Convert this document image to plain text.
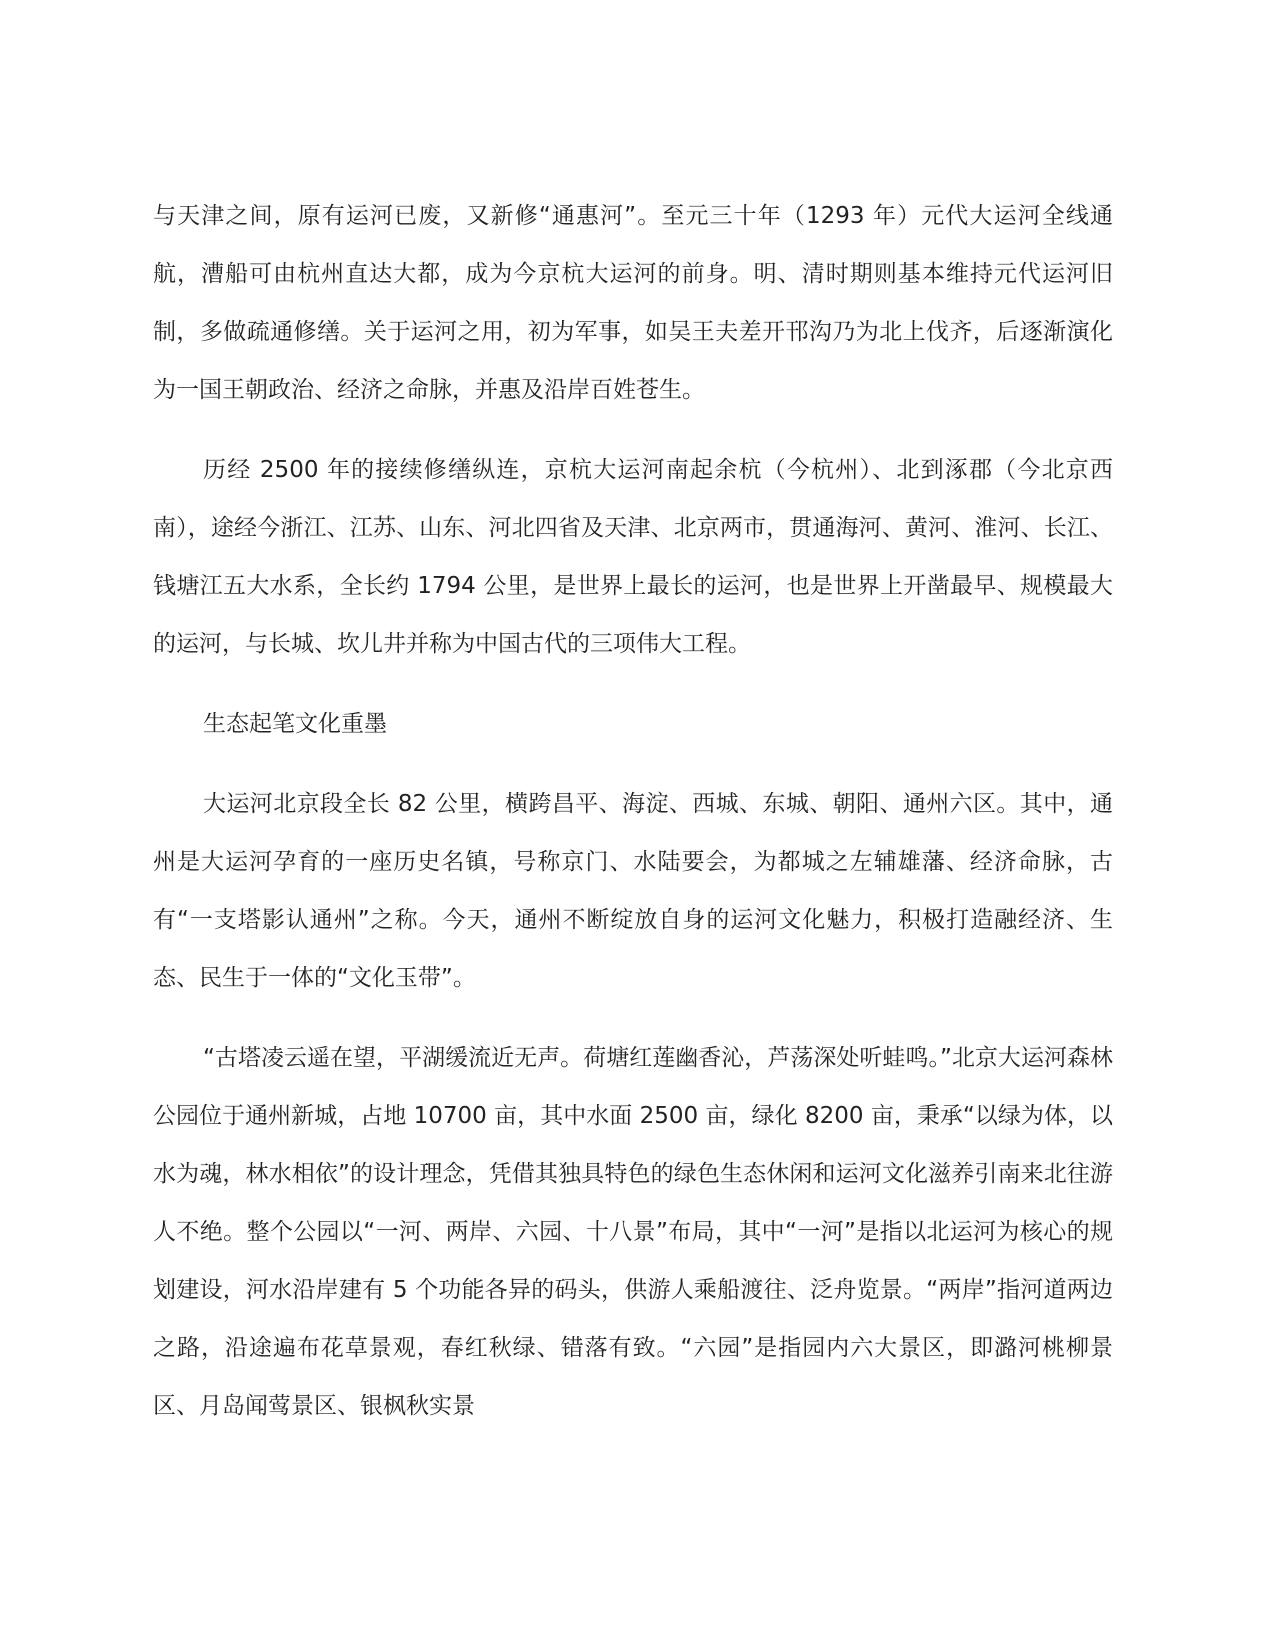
与天津之间，原有运河已废，又新修“通惠河”。至元三十年（1293 年）元代大运河全线通航，漕船可由杭州直达大都，成为今京杭大运河的前身。明、清时期则基本维持元代运河旧制，多做疏通修缮。关于运河之用，初为军事，如吴王夫差开邗沟乃为北上伐齐，后逐渐演化为一国王朝政治、经济之命脉，并惠及沿岸百姓苍生。

历经 2500 年的接续修缮纵连，京杭大运河南起余杭（今杭州）、北到涿郡（今北京西南），途经今浙江、江苏、山东、河北四省及天津、北京两市，贯通海河、黄河、淮河、长江、钱塘江五大水系，全长约 1794 公里，是世界上最长的运河，也是世界上开凿最早、规模最大的运河，与长城、坎儿井并称为中国古代的三项伟大工程。

生态起笔文化重墨

大运河北京段全长 82 公里，横跨昌平、海淀、西城、东城、朝阳、通州六区。其中，通州是大运河孕育的一座历史名镇，号称京门、水陆要会，为都城之左辅雄藩、经济命脉，古有“一支塔影认通州”之称。今天，通州不断绽放自身的运河文化魅力，积极打造融经济、生态、民生于一体的“文化玉带”。

“古塔凌云遥在望，平湖缓流近无声。荷塘红莲幽香沁，芦荡深处听蛙鸣。”北京大运河森林公园位于通州新城，占地 10700 亩，其中水面 2500 亩，绿化 8200 亩，秉承“以绿为体，以水为魂，林水相依”的设计理念，凭借其独具特色的绿色生态休闲和运河文化滋养引南来北往游人不绝。整个公园以“一河、两岸、六园、十八景”布局，其中“一河”是指以北运河为核心的规划建设，河水沿岸建有 5 个功能各异的码头，供游人乘船渡往、泛舟览景。“两岸”指河道两边之路，沿途遍布花草景观，春红秋绿、错落有致。“六园”是指园内六大景区，即潞河桃柳景区、月岛闻莺景区、银枫秋实景
